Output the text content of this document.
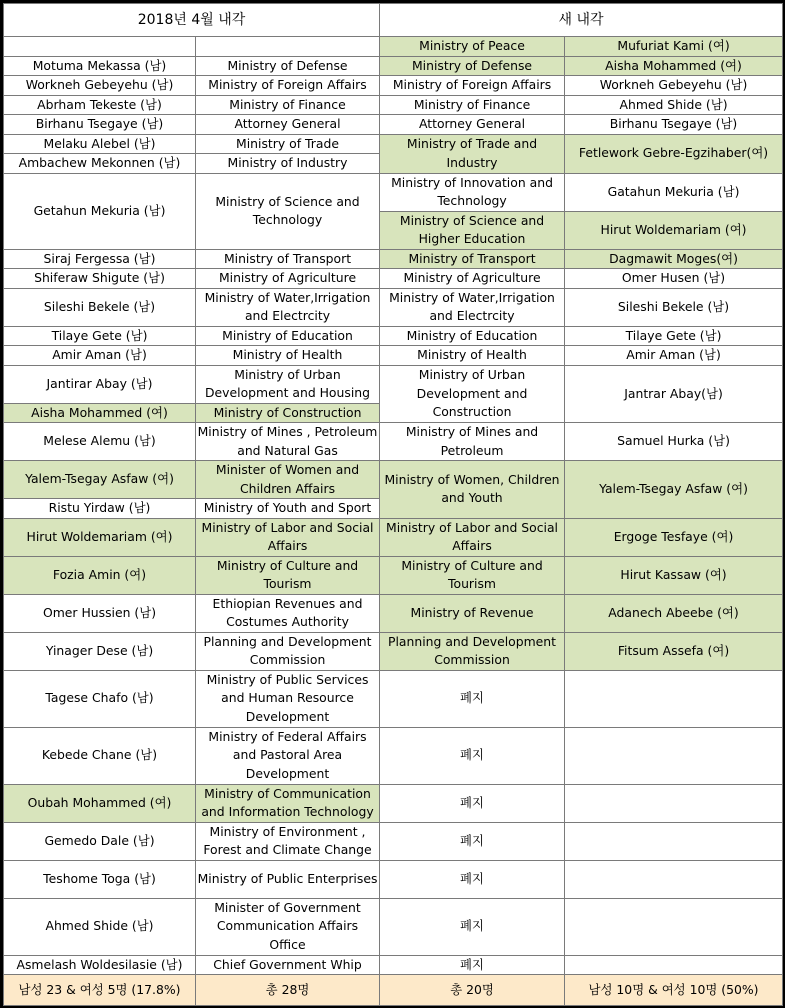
2018년 4월 내각		새 내각	
		Ministry of Peace	Mufuriat Kami (여)
Motuma Mekassa (남)	Ministry of Defense	Ministry of Defense	Aisha Mohammed (여)
Workneh Gebeyehu (남)	Ministry of Foreign Affairs	Ministry of Foreign Affairs	Workneh Gebeyehu (남)
Abrham Tekeste (남)	Ministry of Finance	Ministry of Finance	Ahmed Shide (남)
Birhanu Tsegaye (남)	Attorney General	Attorney General	Birhanu Tsegaye (남)
Melaku Alebel (남)	Ministry of Trade	Ministry of Trade and Industry	Fetlework Gebre-Egzihaber(여)
Ambachew Mekonnen (남)	Ministry of Industry		
Getahun Mekuria (남)	Ministry of Science and Technology	Ministry of Innovation and Technology	Gatahun Mekuria (남)
		Ministry of Science and Higher Education	Hirut Woldemariam (여)
Siraj Fergessa (남)	Ministry of Transport	Ministry of Transport	Dagmawit Moges(여)
Shiferaw Shigute (남)	Ministry of Agriculture	Ministry of Agriculture	Omer Husen (남)
Sileshi Bekele (남)	Ministry of Water,Irrigation and Electrcity	Ministry of Water,Irrigation and Electrcity	Sileshi Bekele (남)
Tilaye Gete (남)	Ministry of Education	Ministry of Education	Tilaye Gete (남)
Amir Aman (남)	Ministry of Health	Ministry of Health	Amir Aman (남)
Jantirar Abay (남)	Ministry of Urban Development and Housing	Ministry of Urban Development and Construction	Jantrar Abay(남)
Aisha Mohammed (여)	Ministry of Construction		
Melese Alemu (남)	Ministry of Mines , Petroleum and Natural Gas	Ministry of Mines and Petroleum	Samuel Hurka (남)
Yalem-Tsegay Asfaw (여)	Minister of Women and Children Affairs	Ministry of Women, Children and Youth	Yalem-Tsegay Asfaw (여)
Ristu Yirdaw (남)	Ministry of Youth and Sport		
Hirut Woldemariam (여)	Ministry of Labor and Social Affairs	Ministry of Labor and Social Affairs	Ergoge Tesfaye (여)
Fozia Amin (여)	Ministry of Culture and Tourism	Ministry of Culture and Tourism	Hirut Kassaw (여)
Omer Hussien (남)	Ethiopian Revenues and Costumes Authority	Ministry of Revenue	Adanech Abeebe (여)
Yinager Dese (남)	Planning and Development Commission	Planning and Development Commission	Fitsum Assefa (여)
Tagese Chafo (남)	Ministry of Public Services and Human Resource Development	폐지	
Kebede Chane (남)	Ministry of Federal Affairs and Pastoral Area Development	폐지	
Oubah Mohammed (여)	Ministry of Communication and Information Technology	폐지	
Gemedo Dale (남)	Ministry of Environment , Forest and Climate Change	폐지	
Teshome Toga (남)	Ministry of Public Enterprises	폐지	
Ahmed Shide (남)	Minister of Government Communication Affairs Office	폐지	
Asmelash Woldesilasie (남)	Chief Government Whip	폐지	
남성 23 & 여성 5명 (17.8%)	총 28명	총 20명	남성 10명 & 여성 10명 (50%)
